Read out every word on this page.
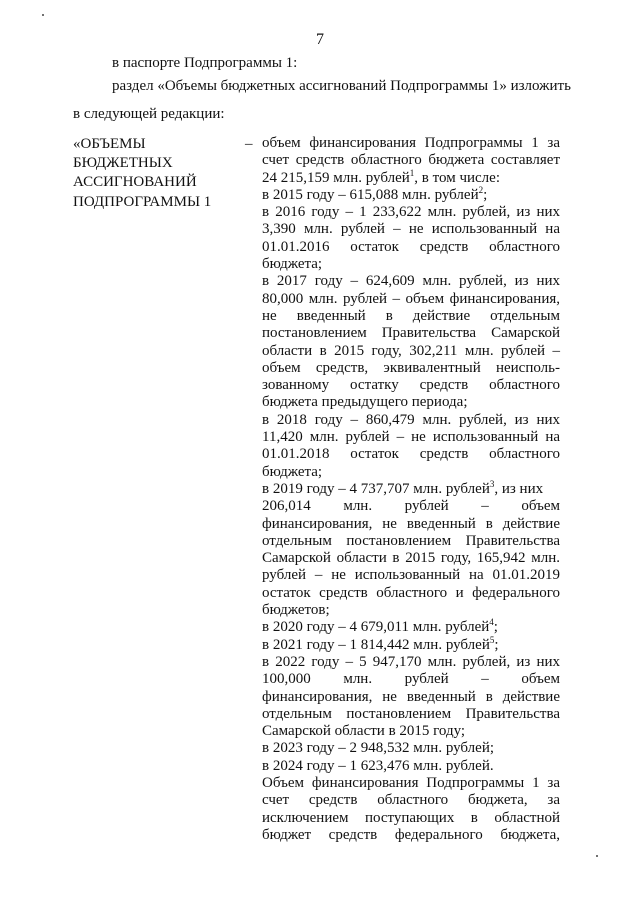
7
в паспорте Подпрограммы 1:
раздел «Объемы бюджетных ассигнований Подпрограммы 1» изложить
в следующей редакции:
«ОБЪЕМЫ
БЮДЖЕТНЫХ
АССИГНОВАНИЙ
ПОДПРОГРАММЫ 1
– объем финансирования Подпрограммы 1 за
счет средств областного бюджета составляет
24 215,159 млн. рублей$^1$, в том числе:
в 2015 году – 615,088 млн. рублей$^2$;
в 2016 году – 1 233,622 млн. рублей, из них
3,390 млн. рублей – не использованный на
01.01.2016 остаток средств областного
бюджета;
в 2017 году – 624,609 млн. рублей, из них
80,000 млн. рублей – объем финансирования,
не введенный в действие отдельным
постановлением Правительства Самарской
области в 2015 году, 302,211 млн. рублей –
объем средств, эквивалентный неисполь-
зованному остатку средств областного
бюджета предыдущего периода;
в 2018 году – 860,479 млн. рублей, из них
11,420 млн. рублей – не использованный на
01.01.2018 остаток средств областного
бюджета;
в 2019 году – 4 737,707 млн. рублей$^3$, из них
206,014 млн. рублей – объем
финансирования, не введенный в действие
отдельным постановлением Правительства
Самарской области в 2015 году, 165,942 млн.
рублей – не использованный на 01.01.2019
остаток средств областного и федерального
бюджетов;
в 2020 году – 4 679,011 млн. рублей$^4$;
в 2021 году – 1 814,442 млн. рублей$^5$;
в 2022 году – 5 947,170 млн. рублей, из них
100,000 млн. рублей – объем
финансирования, не введенный в действие
отдельным постановлением Правительства
Самарской области в 2015 году;
в 2023 году – 2 948,532 млн. рублей;
в 2024 году – 1 623,476 млн. рублей.
Объем финансирования Подпрограммы 1 за
счет средств областного бюджета, за
исключением поступающих в областной
бюджет средств федерального бюджета,
